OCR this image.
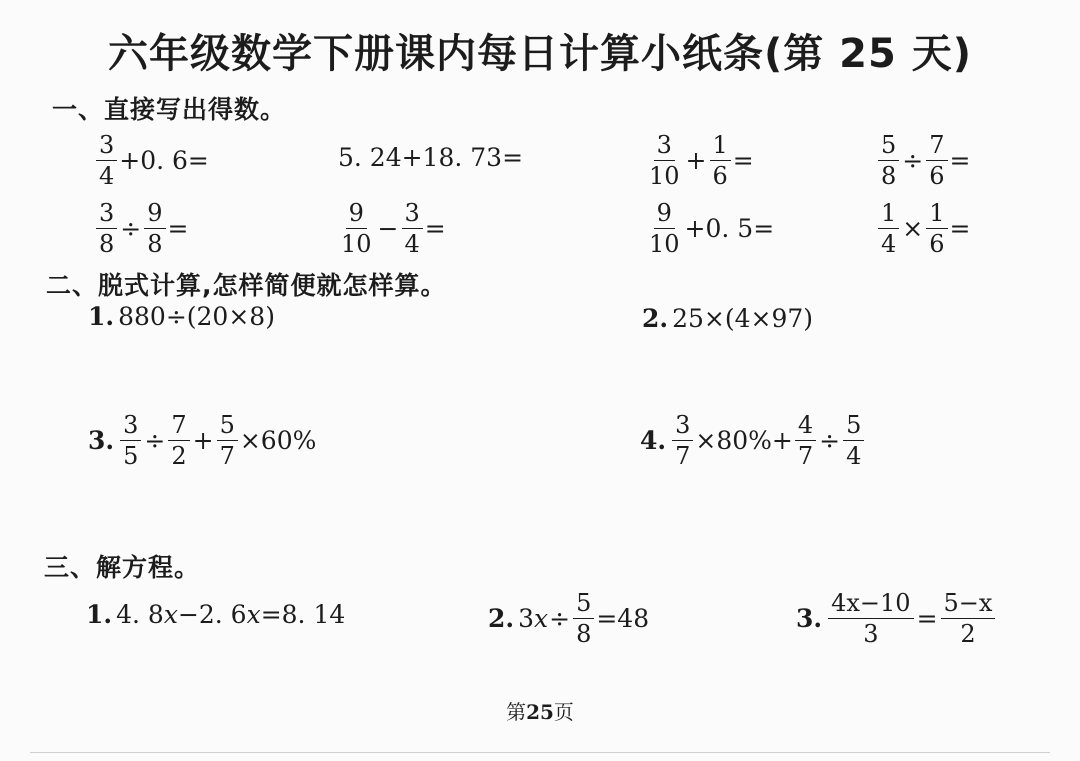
六年级数学下册课内每日计算小纸条(第 25 天)
一、直接写出得数。
$\frac{3}{4} +0$. 6=	5. 24+18. 73=	$\frac{3}{10} + \frac{1}{6}$ =	$\frac{5}{8} \div \frac{7}{6}$ =
$\frac{3}{8} \div \frac{9}{8}$ =	$\frac{9}{10} - \frac{3}{4}$ =	$\frac{9}{10} +0$. 5=	$\frac{1}{4} \times \frac{1}{6}$ =
二、脱式计算,怎样简便就怎样算。
1. 880÷(20×8)	2. 25×(4×97)
3. $\frac{3}{5} \div \frac{7}{2} + \frac{5}{7} \times 60\%$	4. $\frac{3}{7} \times 80\%+ \frac{4}{7} \div \frac{5}{4}$
三、解方程。
1. 4. 8 x −2. 6 x =8. 14	2. 3 $x \div \frac{5}{8} =48$	3. $\frac{4x-10}{3} = \frac{5-x}{2}$
第25页
